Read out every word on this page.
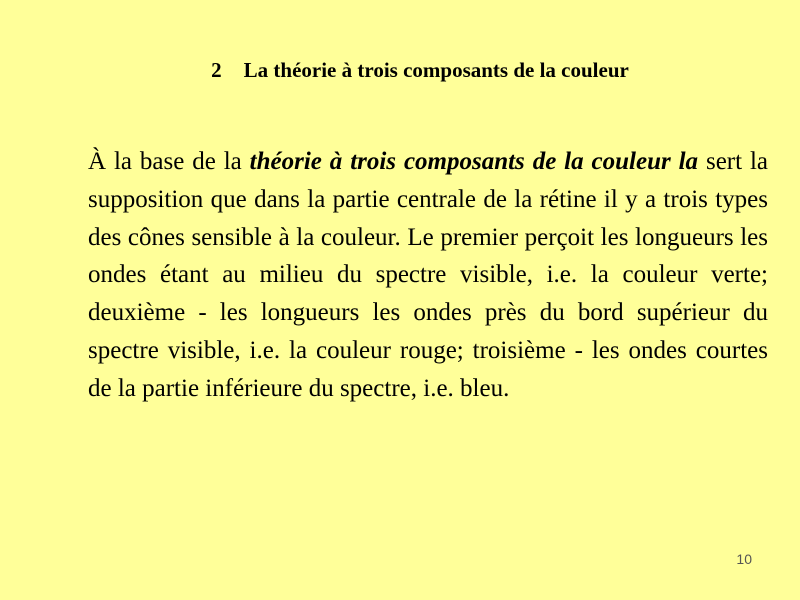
2 La théorie à trois composants de la couleur

À la base de la théorie à trois composants de la couleur la sert la supposition que dans la partie centrale de la rétine il y a trois types des cônes sensible à la couleur. Le premier perçoit les longueurs les ondes étant au milieu du spectre visible, i.e. la couleur verte; deuxième - les longueurs les ondes près du bord supérieur du spectre visible, i.e. la couleur rouge; troisième - les ondes courtes de la partie inférieure du spectre, i.e. bleu.

10
